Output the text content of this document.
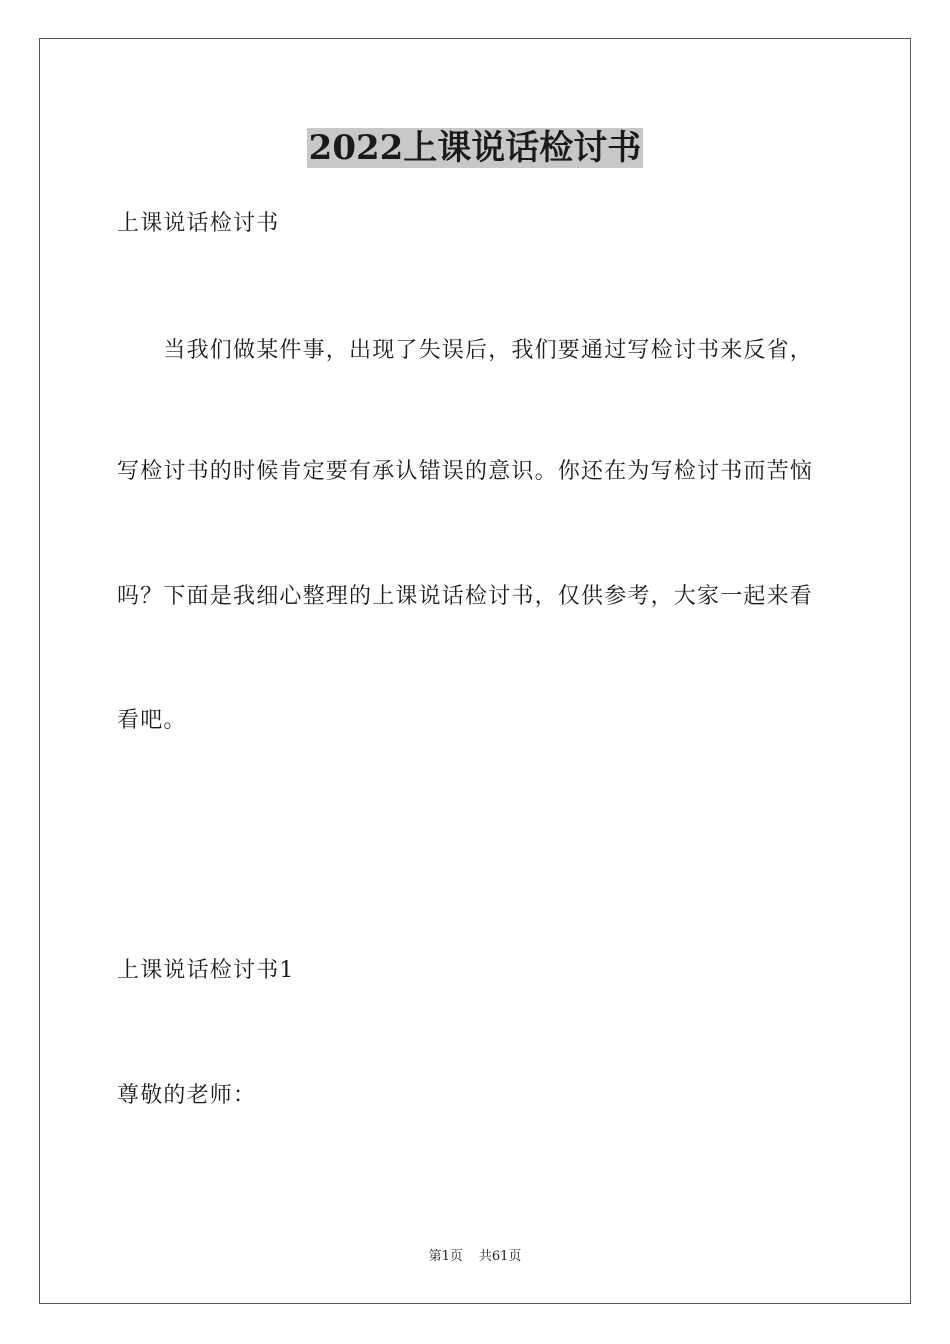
2022上课说话检讨书
上课说话检讨书
　　当我们做某件事，出现了失误后，我们要通过写检讨书来反省，
写检讨书的时候肯定要有承认错误的意识。你还在为写检讨书而苦恼
吗？下面是我细心整理的上课说话检讨书，仅供参考，大家一起来看
看吧。
上课说话检讨书1
尊敬的老师：
第1页 共61页
